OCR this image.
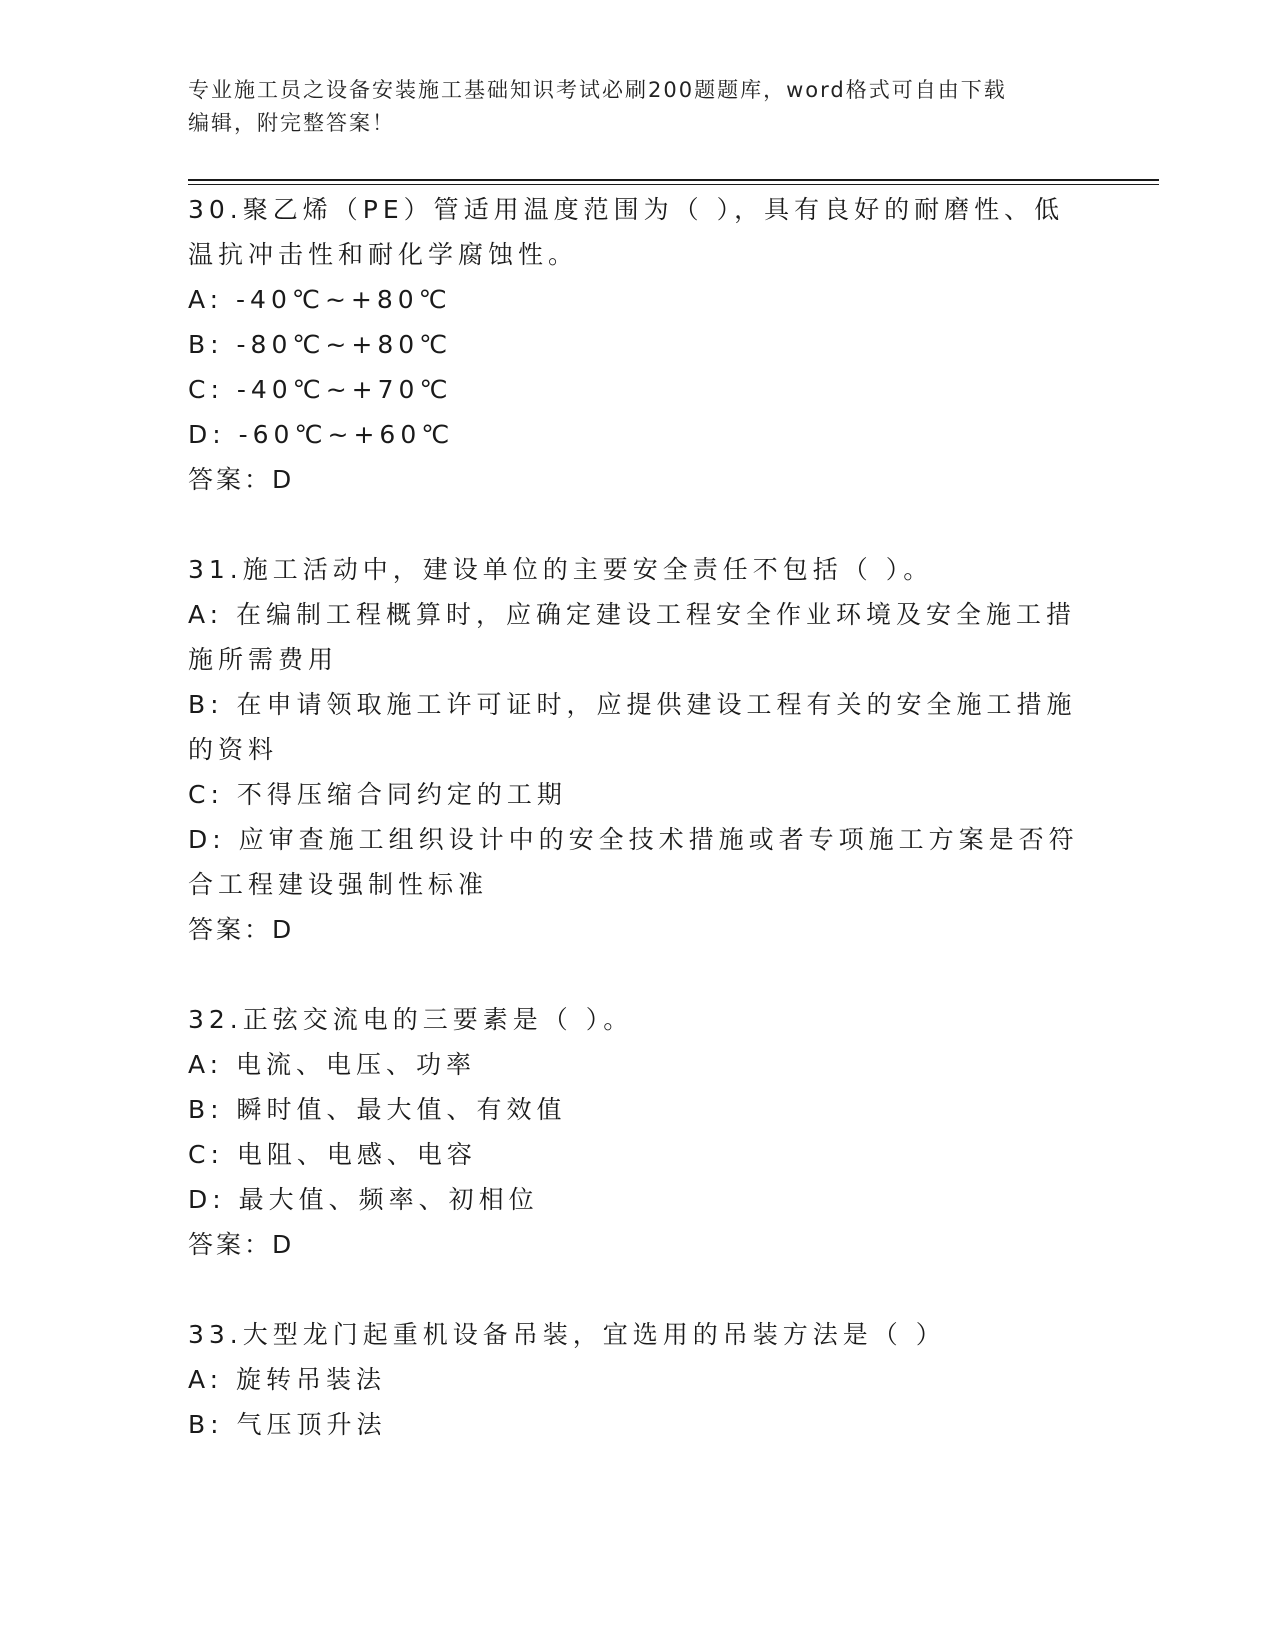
专业施工员之设备安装施工基础知识考试必刷200题题库，word格式可自由下载
编辑，附完整答案！
30.聚乙烯（PE）管适用温度范围为（ ），具有良好的耐磨性、低温抗冲击性和耐化学腐蚀性。
A: -40℃~+80℃
B: -80℃~+80℃
C: -40℃~+70℃
D: -60℃~+60℃
答案：D
31.施工活动中，建设单位的主要安全责任不包括（ ）。
A: 在编制工程概算时，应确定建设工程安全作业环境及安全施工措施所需费用
B: 在申请领取施工许可证时，应提供建设工程有关的安全施工措施的资料
C: 不得压缩合同约定的工期
D: 应审查施工组织设计中的安全技术措施或者专项施工方案是否符合工程建设强制性标准
答案：D
32.正弦交流电的三要素是（ ）。
A: 电流、电压、功率
B: 瞬时值、最大值、有效值
C: 电阻、电感、电容
D: 最大值、频率、初相位
答案：D
33.大型龙门起重机设备吊装，宜选用的吊装方法是（ ）
A: 旋转吊装法
B: 气压顶升法
